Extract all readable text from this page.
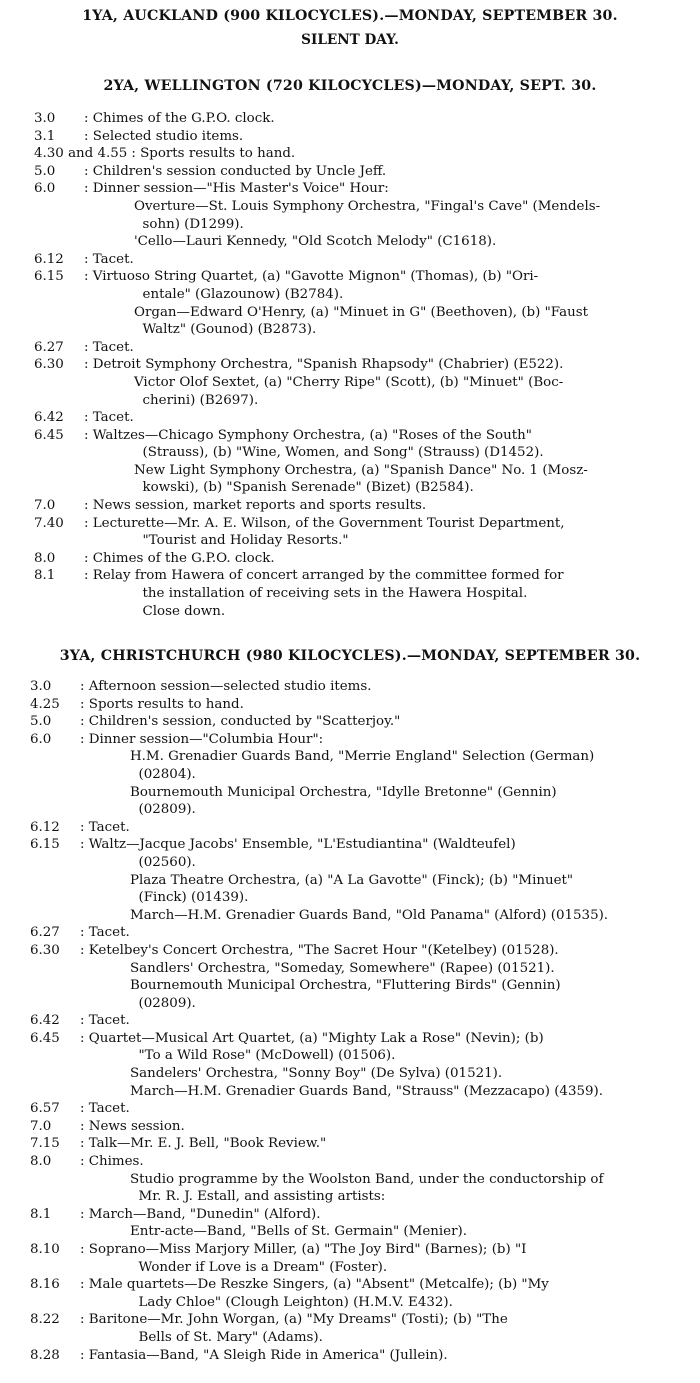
1YA, AUCKLAND (900 KILOCYCLES).—MONDAY, SEPTEMBER 30.

SILENT DAY.

2YA, WELLINGTON (720 KILOCYCLES)—MONDAY, SEPT. 30.

3.0	: Chimes of the G.P.O. clock.
3.1	: Selected studio items.
4.30 and 4.55 : Sports results to hand.
5.0	: Children's session conducted by Uncle Jeff.
6.0	: Dinner session—"His Master's Voice" Hour:
Overture—St. Louis Symphony Orchestra, "Fingal's Cave" (Mendels-
sohn) (D1299).
'Cello—Lauri Kennedy, "Old Scotch Melody" (C1618).
6.12	: Tacet.
6.15	: Virtuoso String Quartet, (a) "Gavotte Mignon" (Thomas), (b) "Ori-
entale" (Glazounow) (B2784).
Organ—Edward O'Henry, (a) "Minuet in G" (Beethoven), (b) "Faust
Waltz" (Gounod) (B2873).
6.27	: Tacet.
6.30	: Detroit Symphony Orchestra, "Spanish Rhapsody" (Chabrier) (E522).
Victor Olof Sextet, (a) "Cherry Ripe" (Scott), (b) "Minuet" (Boc-
cherini) (B2697).
6.42	: Tacet.
6.45	: Waltzes—Chicago Symphony Orchestra, (a) "Roses of the South"
(Strauss), (b) "Wine, Women, and Song" (Strauss) (D1452).
New Light Symphony Orchestra, (a) "Spanish Dance" No. 1 (Mosz-
kowski), (b) "Spanish Serenade" (Bizet) (B2584).
7.0	: News session, market reports and sports results.
7.40	: Lecturette—Mr. A. E. Wilson, of the Government Tourist Department,
"Tourist and Holiday Resorts."
8.0	: Chimes of the G.P.O. clock.
8.1	: Relay from Hawera of concert arranged by the committee formed for
the installation of receiving sets in the Hawera Hospital.
Close down.

3YA, CHRISTCHURCH (980 KILOCYCLES).—MONDAY, SEPTEMBER 30.

3.0	: Afternoon session—selected studio items.
4.25	: Sports results to hand.
5.0	: Children's session, conducted by "Scatterjoy."
6.0	: Dinner session—"Columbia Hour":
H.M. Grenadier Guards Band, "Merrie England" Selection (German)
(02804).
Bournemouth Municipal Orchestra, "Idylle Bretonne" (Gennin)
(02809).
6.12	: Tacet.
6.15	: Waltz—Jacque Jacobs' Ensemble, "L'Estudiantina" (Waldteufel)
(02560).
Plaza Theatre Orchestra, (a) "A La Gavotte" (Finck); (b) "Minuet"
(Finck) (01439).
March—H.M. Grenadier Guards Band, "Old Panama" (Alford) (01535).
6.27	: Tacet.
6.30	: Ketelbey's Concert Orchestra, "The Sacret Hour "(Ketelbey) (01528).
Sandlers' Orchestra, "Someday, Somewhere" (Rapee) (01521).
Bournemouth Municipal Orchestra, "Fluttering Birds" (Gennin)
(02809).
6.42	: Tacet.
6.45	: Quartet—Musical Art Quartet, (a) "Mighty Lak a Rose" (Nevin); (b)
"To a Wild Rose" (McDowell) (01506).
Sandelers' Orchestra, "Sonny Boy" (De Sylva) (01521).
March—H.M. Grenadier Guards Band, "Strauss" (Mezzacapo) (4359).
6.57	: Tacet.
7.0	: News session.
7.15	: Talk—Mr. E. J. Bell, "Book Review."
8.0	: Chimes.
Studio programme by the Woolston Band, under the conductorship of
Mr. R. J. Estall, and assisting artists:
8.1	: March—Band, "Dunedin" (Alford).
Entr-acte—Band, "Bells of St. Germain" (Menier).
8.10	: Soprano—Miss Marjory Miller, (a) "The Joy Bird" (Barnes); (b) "I
Wonder if Love is a Dream" (Foster).
8.16	: Male quartets—De Reszke Singers, (a) "Absent" (Metcalfe); (b) "My
Lady Chloe" (Clough Leighton) (H.M.V. E432).
8.22	: Baritone—Mr. John Worgan, (a) "My Dreams" (Tosti); (b) "The
Bells of St. Mary" (Adams).
8.28	: Fantasia—Band, "A Sleigh Ride in America" (Jullein).
